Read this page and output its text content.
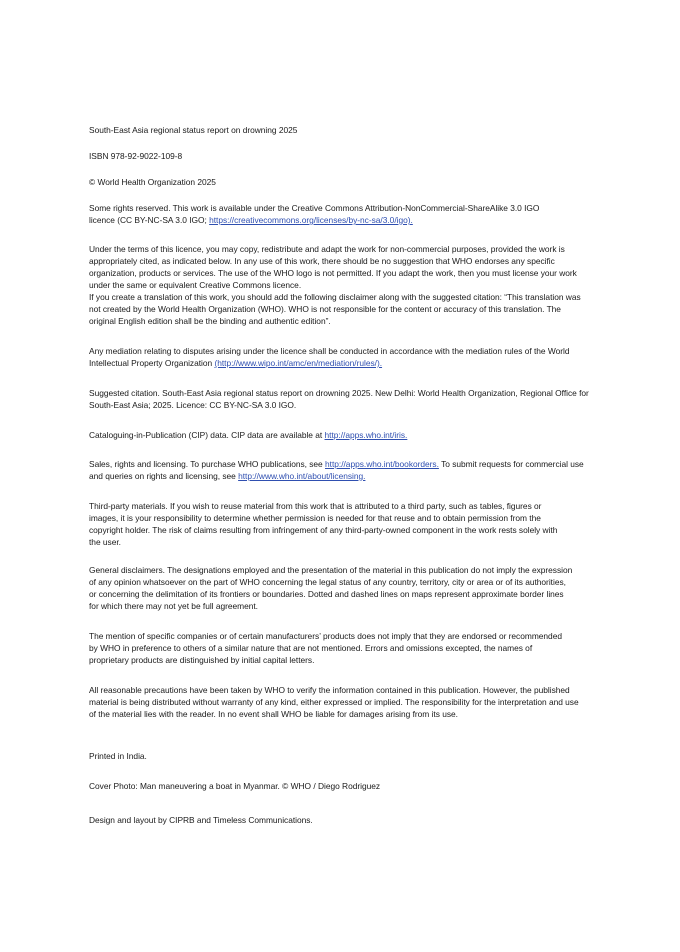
South-East Asia regional status report on drowning 2025

ISBN 978-92-9022-109-8

© World Health Organization 2025

Some rights reserved. This work is available under the Creative Commons Attribution-NonCommercial-ShareAlike 3.0 IGO licence (CC BY-NC-SA 3.0 IGO; https://creativecommons.org/licenses/by-nc-sa/3.0/igo).

Under the terms of this licence, you may copy, redistribute and adapt the work for non-commercial purposes, provided the work is appropriately cited, as indicated below. In any use of this work, there should be no suggestion that WHO endorses any specific organization, products or services. The use of the WHO logo is not permitted. If you adapt the work, then you must license your work under the same or equivalent Creative Commons licence.

If you create a translation of this work, you should add the following disclaimer along with the suggested citation: “This translation was not created by the World Health Organization (WHO). WHO is not responsible for the content or accuracy of this translation. The original English edition shall be the binding and authentic edition”.

Any mediation relating to disputes arising under the licence shall be conducted in accordance with the mediation rules of the World Intellectual Property Organization (http://www.wipo.int/amc/en/mediation/rules/).

Suggested citation. South-East Asia regional status report on drowning 2025. New Delhi: World Health Organization, Regional Office for South-East Asia; 2025. Licence: CC BY-NC-SA 3.0 IGO.

Cataloguing-in-Publication (CIP) data. CIP data are available at http://apps.who.int/iris.

Sales, rights and licensing. To purchase WHO publications, see http://apps.who.int/bookorders. To submit requests for commercial use and queries on rights and licensing, see http://www.who.int/about/licensing.

Third-party materials. If you wish to reuse material from this work that is attributed to a third party, such as tables, figures or images, it is your responsibility to determine whether permission is needed for that reuse and to obtain permission from the copyright holder. The risk of claims resulting from infringement of any third-party-owned component in the work rests solely with the user.

General disclaimers. The designations employed and the presentation of the material in this publication do not imply the expression of any opinion whatsoever on the part of WHO concerning the legal status of any country, territory, city or area or of its authorities, or concerning the delimitation of its frontiers or boundaries. Dotted and dashed lines on maps represent approximate border lines for which there may not yet be full agreement.

The mention of specific companies or of certain manufacturers’ products does not imply that they are endorsed or recommended by WHO in preference to others of a similar nature that are not mentioned. Errors and omissions excepted, the names of proprietary products are distinguished by initial capital letters.

All reasonable precautions have been taken by WHO to verify the information contained in this publication. However, the published material is being distributed without warranty of any kind, either expressed or implied. The responsibility for the interpretation and use of the material lies with the reader. In no event shall WHO be liable for damages arising from its use.

Printed in India.

Cover Photo: Man maneuvering a boat in Myanmar. © WHO / Diego Rodriguez

Design and layout by CIPRB and Timeless Communications.
